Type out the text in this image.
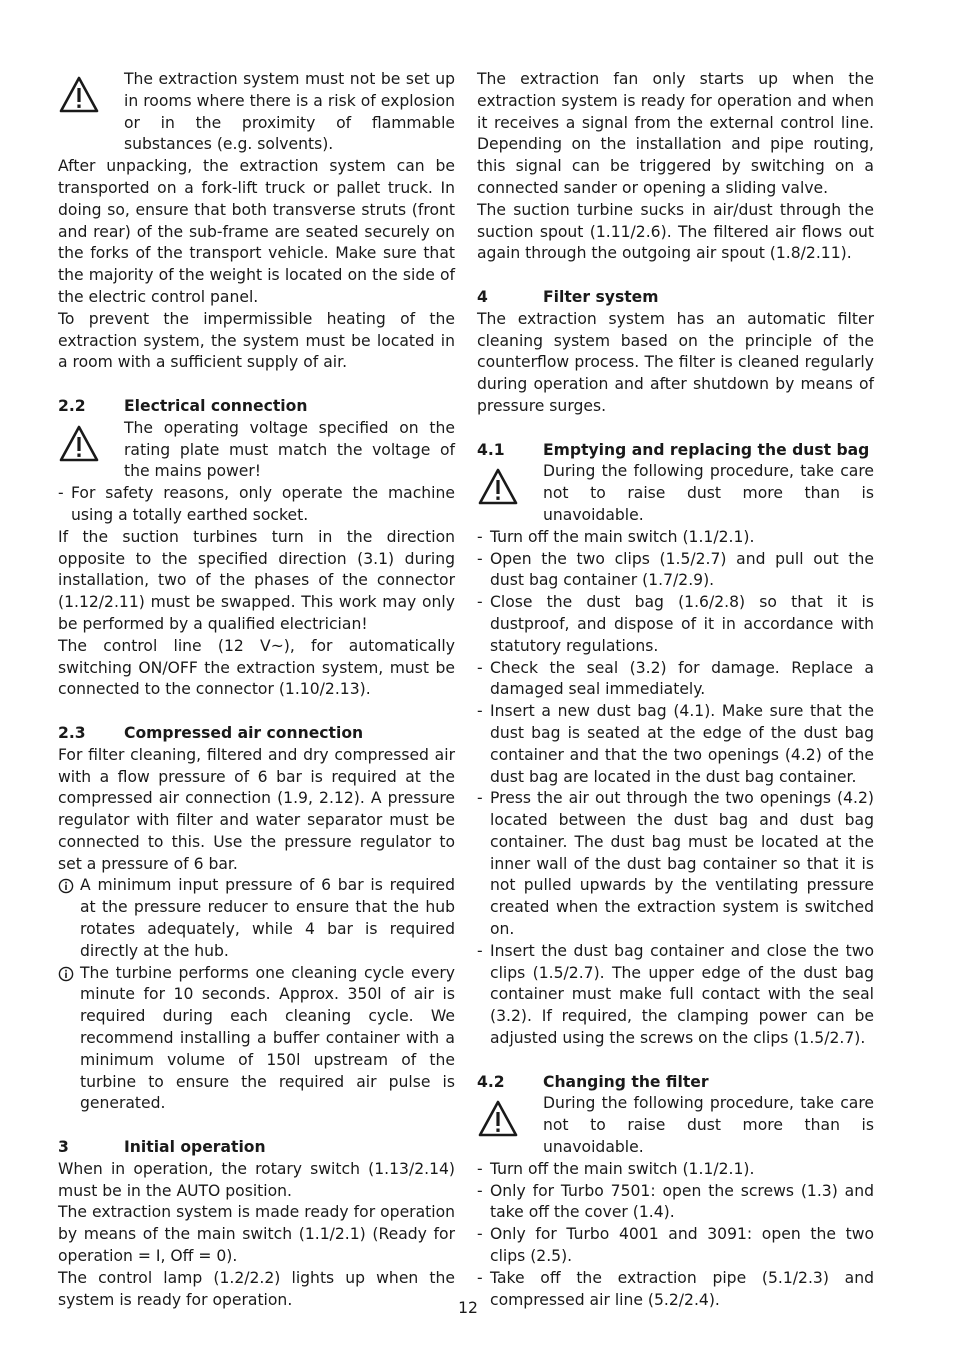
The extraction system must not be set up in rooms where there is a risk of explosion or in the proximity of flammable substances (e.g. solvents).

After unpacking, the extraction system can be transported on a fork-lift truck or pallet truck. In doing so, ensure that both transverse struts (front and rear) of the sub-frame are seated securely on the forks of the transport vehicle. Make sure that the majority of the weight is located on the side of the electric control panel.

To prevent the impermissible heating of the extraction system, the system must be located in a room with a sufficient supply of air.

2.2	Electrical connection
The operating voltage specified on the rating plate must match the voltage of the mains power!
- For safety reasons, only operate the machine using a totally earthed socket.

If the suction turbines turn in the direction opposite to the specified direction (3.1) during installation, two of the phases of the connector (1.12/2.11) must be swapped. This work may only be performed by a qualified electrician!

The control line (12 V~), for automatically switching ON/OFF the extraction system, must be connected to the connector (1.10/2.13).

2.3	Compressed air connection

For filter cleaning, filtered and dry compressed air with a flow pressure of 6 bar is required at the compressed air connection (1.9, 2.12). A pressure regulator with filter and water separator must be connected to this. Use the pressure regulator to set a pressure of 6 bar.

A minimum input pressure of 6 bar is required at the pressure reducer to ensure that the hub rotates adequately, while 4 bar is required directly at the hub.
The turbine performs one cleaning cycle every minute for 10 seconds. Approx. 350l of air is required during each cleaning cycle. We recommend installing a buffer container with a minimum volume of 150l upstream of the turbine to ensure the required air pulse is generated.
3	Initial operation

When in operation, the rotary switch (1.13/2.14) must be in the AUTO position.

The extraction system is made ready for operation by means of the main switch (1.1/2.1) (Ready for operation = I, Off = 0).

The control lamp (1.2/2.2) lights up when the system is ready for operation.

The extraction fan only starts up when the extraction system is ready for operation and when it receives a signal from the external control line. Depending on the installation and pipe routing, this signal can be triggered by switching on a connected sander or opening a sliding valve.

The suction turbine sucks in air/dust through the suction spout (1.11/2.6). The filtered air flows out again through the outgoing air spout (1.8/2.11).

4	Filter system

The extraction system has an automatic filter cleaning system based on the principle of the counterflow process. The filter is cleaned regularly during operation and after shutdown by means of pressure surges.

4.1	Emptying and replacing the dust bag
During the following procedure, take care not to raise dust more than is unavoidable.
- Turn off the main switch (1.1/2.1).
- Open the two clips (1.5/2.7) and pull out the dust bag container (1.7/2.9).
- Close the dust bag (1.6/2.8) so that it is dustproof, and dispose of it in accordance with statutory regulations.
- Check the seal (3.2) for damage. Replace a damaged seal immediately.
- Insert a new dust bag (4.1). Make sure that the dust bag is seated at the edge of the dust bag container and that the two openings (4.2) of the dust bag are located in the dust bag container.
- Press the air out through the two openings (4.2) located between the dust bag and dust bag container. The dust bag must be located at the inner wall of the dust bag container so that it is not pulled upwards by the ventilating pressure created when the extraction system is switched on.
- Insert the dust bag container and close the two clips (1.5/2.7). The upper edge of the dust bag container must make full contact with the seal (3.2). If required, the clamping power can be adjusted using the screws on the clips (1.5/2.7).
4.2	Changing the filter
During the following procedure, take care not to raise dust more than is unavoidable.
- Turn off the main switch (1.1/2.1).
- Only for Turbo 7501: open the screws (1.3) and take off the cover (1.4).
- Only for Turbo 4001 and 3091: open the two clips (2.5).
- Take off the extraction pipe (5.1/2.3) and compressed air line (5.2/2.4).
12
